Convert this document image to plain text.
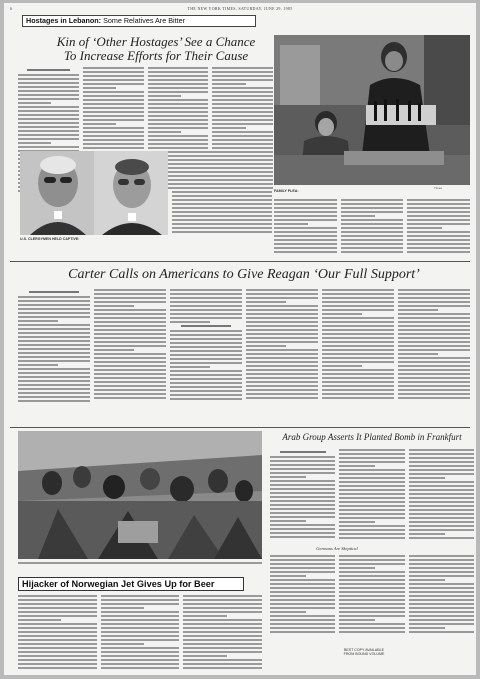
6	THE NEW YORK TIMES, SATURDAY, JUNE 29, 1985
Hostages in Lebanon: Some Relatives Are Bitter
Kin of ‘Other Hostages’ See a Chance
To Increase Efforts for Their Cause
Times
U.S. CLERGYMEN HELD CAPTIVE:
FAMILY PLEA:
Carter Calls on Americans to Give Reagan ‘Our Full Support’
Hijacker of Norwegian Jet Gives Up for Beer
Arab Group Asserts It Planted Bomb in Frankfurt
Germans Are Skeptical
BEST COPY AVAILABLE
FROM BOUND VOLUME
